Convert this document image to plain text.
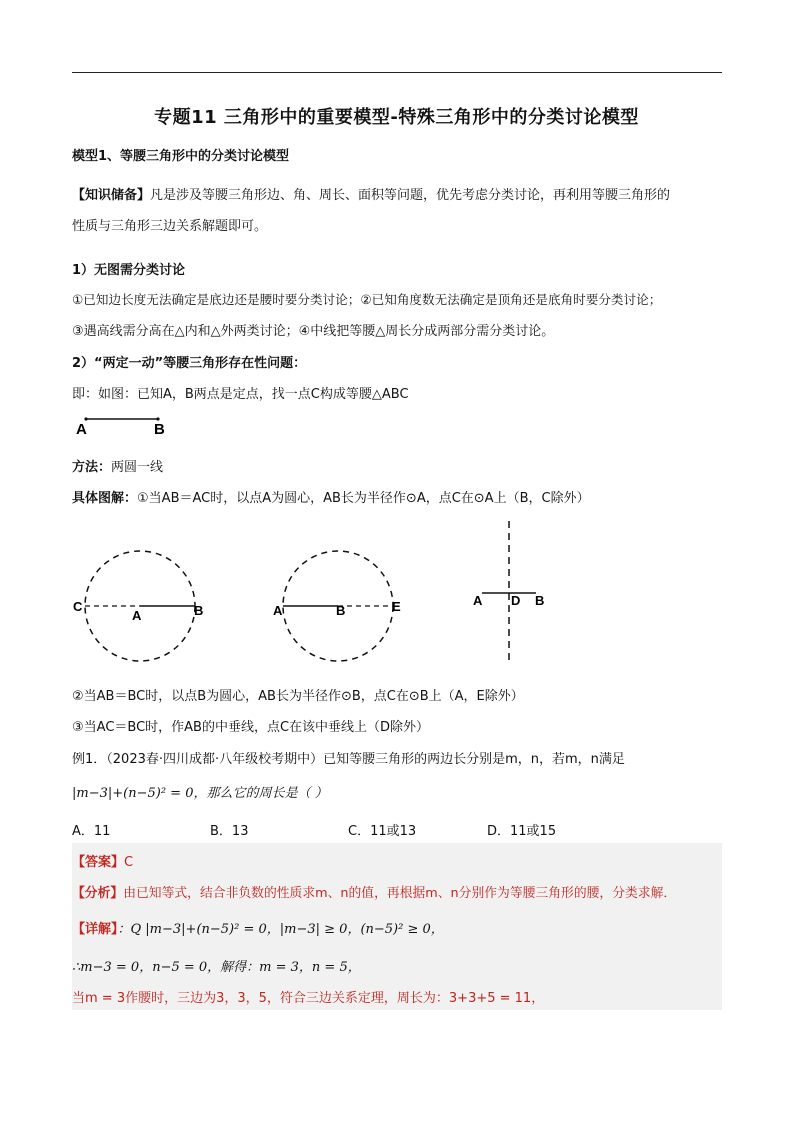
专题11 三角形中的重要模型-特殊三角形中的分类讨论模型
模型1、等腰三角形中的分类讨论模型
【知识储备】凡是涉及等腰三角形边、角、周长、面积等问题，优先考虑分类讨论，再利用等腰三角形的
性质与三角形三边关系解题即可。
1）无图需分类讨论
①已知边长度无法确定是底边还是腰时要分类讨论；②已知角度数无法确定是顶角还是底角时要分类讨论；
③遇高线需分高在△内和△外两类讨论；④中线把等腰△周长分成两部分需分类讨论。
2）“两定一动”等腰三角形存在性问题：
即：如图：已知A，B两点是定点，找一点C构成等腰△ABC
A	B
方法：两圆一线
具体图解：①当AB＝AC时，以点A为圆心，AB长为半径作⊙A，点C在⊙A上（B，C除外）
C
A	B	A	B	E	A D B
②当AB＝BC时，以点B为圆心，AB长为半径作⊙B，点C在⊙B上（A，E除外）
③当AC＝BC时，作AB的中垂线，点C在该中垂线上（D除外）
例1．（2023春·四川成都·八年级校考期中）已知等腰三角形的两边长分别是m，n，若m，n满足
|m−3|+(n−5)² = 0，那么它的周长是（ ）
A．11	B．13	C．11或13	D．11或15
【答案】C
【分析】由已知等式，结合非负数的性质求m、n的值，再根据m、n分别作为等腰三角形的腰，分类求解．
【详解】：Q |m−3|+(n−5)² = 0，|m−3| ≥ 0，(n−5)² ≥ 0，
∴m−3 = 0，n−5 = 0，解得：m = 3，n = 5，
当m = 3作腰时，三边为3，3，5，符合三边关系定理，周长为：3+3+5 = 11，
